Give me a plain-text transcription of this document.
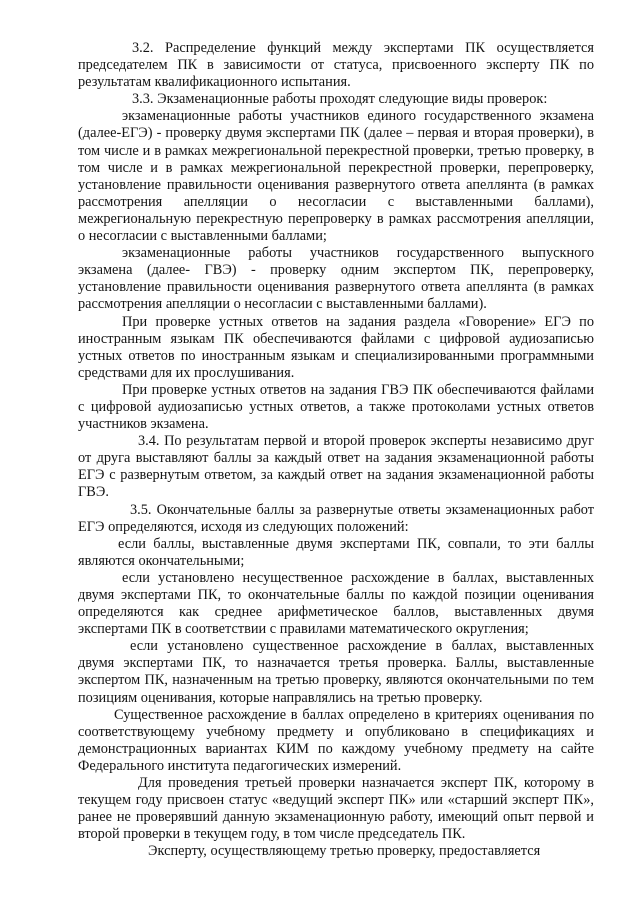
3.2. Распределение функций между экспертами ПК осуществляется председателем ПК в зависимости от статуса, присвоенного эксперту ПК по результатам квалификационного испытания.

3.3. Экзаменационные работы проходят следующие виды проверок:

экзаменационные работы участников единого государственного экзамена (далее-ЕГЭ) - проверку двумя экспертами ПК (далее – первая и вторая проверки), в том числе и в рамках межрегиональной перекрестной проверки, третью проверку, в том числе и в рамках межрегиональной перекрестной проверки, перепроверку, установление правильности оценивания развернутого ответа апеллянта (в рамках рассмотрения апелляции о несогласии с выставленными баллами), межрегиональную перекрестную перепроверку в рамках рассмотрения апелляции, о несогласии с выставленными баллами;

экзаменационные работы участников государственного выпускного экзамена (далее- ГВЭ) - проверку одним экспертом ПК, перепроверку, установление правильности оценивания развернутого ответа апеллянта (в рамках рассмотрения апелляции о несогласии с выставленными баллами).

При проверке устных ответов на задания раздела «Говорение» ЕГЭ по иностранным языкам ПК обеспечиваются файлами с цифровой аудиозаписью устных ответов по иностранным языкам и специализированными программными средствами для их прослушивания.

При проверке устных ответов на задания ГВЭ ПК обеспечиваются файлами с цифровой аудиозаписью устных ответов, а также протоколами устных ответов участников экзамена.

3.4. По результатам первой и второй проверок эксперты независимо друг от друга выставляют баллы за каждый ответ на задания экзаменационной работы ЕГЭ с развернутым ответом, за каждый ответ на задания экзаменационной работы ГВЭ.

3.5. Окончательные баллы за развернутые ответы экзаменационных работ ЕГЭ определяются, исходя из следующих положений:

если баллы, выставленные двумя экспертами ПК, совпали, то эти баллы являются окончательными;

если установлено несущественное расхождение в баллах, выставленных двумя экспертами ПК, то окончательные баллы по каждой позиции оценивания определяются как среднее арифметическое баллов, выставленных двумя экспертами ПК в соответствии с правилами математического округления;

если установлено существенное расхождение в баллах, выставленных двумя экспертами ПК, то назначается третья проверка. Баллы, выставленные экспертом ПК, назначенным на третью проверку, являются окончательными по тем позициям оценивания, которые направлялись на третью проверку.

Существенное расхождение в баллах определено в критериях оценивания по соответствующему учебному предмету и опубликовано в спецификациях и демонстрационных вариантах КИМ по каждому учебному предмету на сайте Федерального института педагогических измерений.

Для проведения третьей проверки назначается эксперт ПК, которому в текущем году присвоен статус «ведущий эксперт ПК» или «старший эксперт ПК», ранее не проверявший данную экзаменационную работу, имеющий опыт первой и второй проверки в текущем году, в том числе председатель ПК.

Эксперту, осуществляющему третью проверку, предоставляется
